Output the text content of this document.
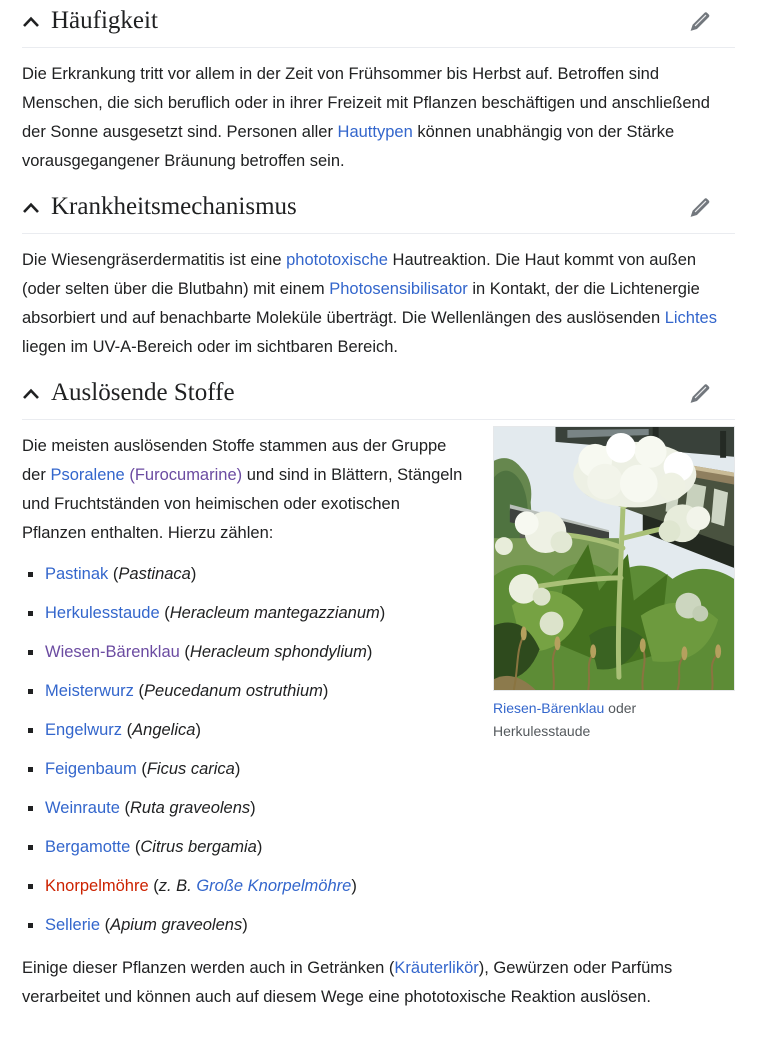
Häufigkeit

Die Erkrankung tritt vor allem in der Zeit von Frühsommer bis Herbst auf. Betroffen sind Menschen, die sich beruflich oder in ihrer Freizeit mit Pflanzen beschäftigen und anschließend der Sonne ausgesetzt sind. Personen aller Hauttypen können unabhängig von der Stärke vorausgegangener Bräunung betroffen sein.

Krankheitsmechanismus

Die Wiesengräserdermatitis ist eine phototoxische Hautreaktion. Die Haut kommt von außen (oder selten über die Blutbahn) mit einem Photosensibilisator in Kontakt, der die Lichtenergie absorbiert und auf benachbarte Moleküle überträgt. Die Wellenlängen des auslösenden Lichtes liegen im UV-A-Bereich oder im sichtbaren Bereich.

Auslösende Stoffe
Riesen-Bärenklau oder Herkulesstaude

Die meisten auslösenden Stoffe stammen aus der Gruppe der Psoralene (Furocumarine) und sind in Blättern, Stängeln und Fruchtständen von heimischen oder exotischen Pflanzen enthalten. Hierzu zählen:

Pastinak (Pastinaca)
Herkulesstaude (Heracleum mantegazzianum)
Wiesen-Bärenklau (Heracleum sphondylium)
Meisterwurz (Peucedanum ostruthium)
Engelwurz (Angelica)
Feigenbaum (Ficus carica)
Weinraute (Ruta graveolens)
Bergamotte (Citrus bergamia)
Knorpelmöhre (z. B. Große Knorpelmöhre)
Sellerie (Apium graveolens)

Einige dieser Pflanzen werden auch in Getränken (Kräuterlikör), Gewürzen oder Parfüms verarbeitet und können auch auf diesem Wege eine phototoxische Reaktion auslösen.
